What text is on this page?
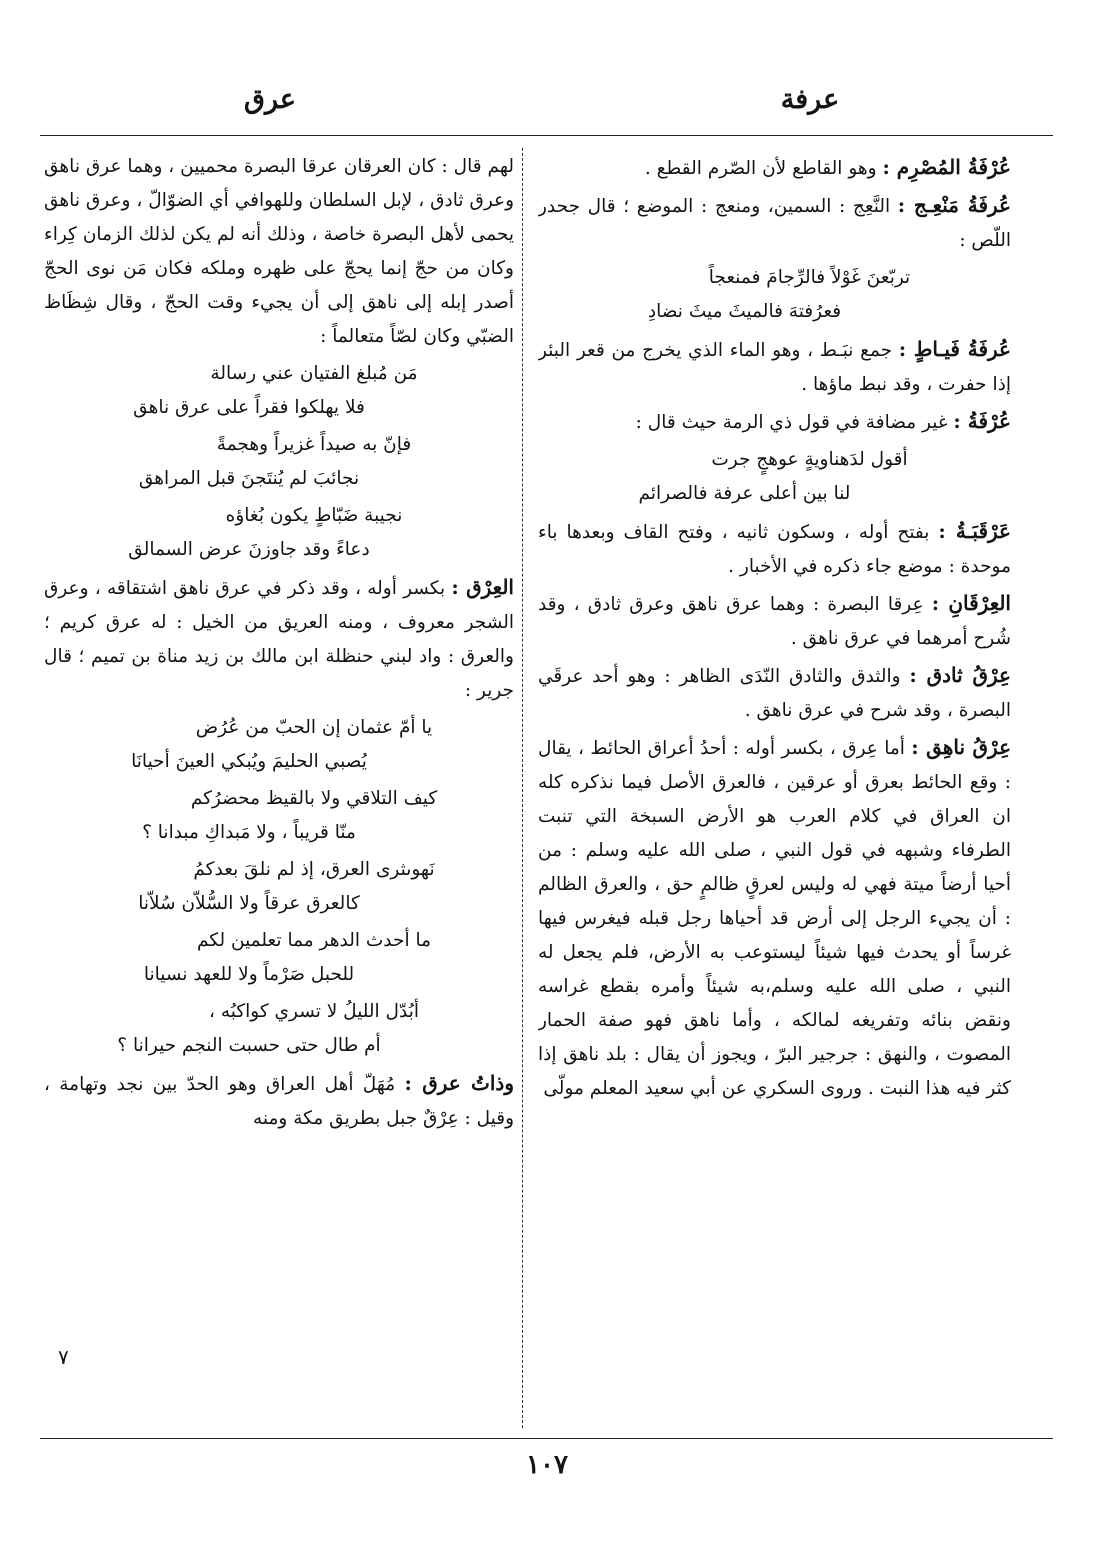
عرفة
عرق
عُرْفَةُ المُصْرِم : وهو القاطع لأن الصّرم القطع .
عُرفَةُ مَنْعِـج : النَّعِج : السمين، ومنعج : الموضع ؛ قال جحدر اللّص :
تربّعنَ غَوْلاً فالرِّجامَ فمنعجاً
فعرُفتهَ فالميثَ ميثَ نضادِ
عُرفَةُ فَيـاطٍ : جمع نبَـط ، وهو الماء الذي يخرج من قعر البئر إذا حفرت ، وقد نبط ماؤها .
عُرْفَةُ : غير مضافة في قول ذي الرمة حيث قال :
أقول لدَهناويةٍ عوهجٍ جرت
لنا بين أعلى عرفة فالصرائم
عَرْقَبَـةُ : بفتح أوله ، وسكون ثانيه ، وفتح القاف وبعدها باء موحدة : موضع جاء ذكره في الأخبار .
العِرْقَانِ : عِرقا البصرة : وهما عرق ناهق وعرق ثادق ، وقد شُرح أمرهما في عرق ناهق .
عِرْقُ ثادق : والثدق والثادق النّدَى الظاهر : وهو أحد عرقَي البصرة ، وقد شرح في عرق ناهق .
عِرْقُ ناهِق : أما عِرق ، بكسر أوله : أحدُ أعراق الحائط ، يقال : وقع الحائط بعرق أو عرقين ، فالعرق الأصل فيما نذكره كله ان العراق في كلام العرب هو الأرض السبخة التي تنبت الطرفاء وشبهه في قول النبي ، صلى الله عليه وسلم : من أحيا أرضاً ميتة فهي له وليس لعرقٍ ظالمٍ حق ، والعرق الظالم : أن يجيء الرجل إلى أرض قد أحياها رجل قبله فيغرس فيها غرساً أو يحدث فيها شيئاً ليستوعب به الأرض، فلم يجعل له النبي ، صلى الله عليه وسلم،به شيئاً وأمره بقطع غراسه ونقض بنائه وتفريغه لمالكه ، وأما ناهق فهو صفة الحمار المصوت ، والنهق : جرجير البرّ ، ويجوز أن يقال : بلد ناهق إذا كثر فيه هذا النبت . وروى السكري عن أبي سعيد المعلم مولّى
لهم قال : كان العرقان عرقا البصرة محميين ، وهما عرق ناهق وعرق ثادق ، لإبل السلطان وللهوافي أي الضوّالّ ، وعرق ناهق يحمى لأهل البصرة خاصة ، وذلك أنه لم يكن لذلك الزمان كِراء وكان من حجّ إنما يحجّ على ظهره وملكه فكان مَن نوى الحجّ أصدر إبله إلى ناهق إلى أن يجيء وقت الحجّ ، وقال شِظَاظ الضبّي وكان لصّاً متعالماً :
مَن مُبلغ الفتيان عني رسالة
فلا يهلكوا فقراً على عرق ناهق
فإنّ به صيداً غزيراً وهجمةً
نجائبَ لم يُنتَجنَ قبل المراهق
نجيبة ضَبّاطٍ يكون بُغاؤه
دعاءً وقد جاوزنَ عرض السمالق
العِرْق : بكسر أوله ، وقد ذكر في عرق ناهق اشتقاقه ، وعرق الشجر معروف ، ومنه العريق من الخيل : له عرق كريم ؛ والعرق : واد لبني حنظلة ابن مالك بن زيد مناة بن تميم ؛ قال جرير :
يا أمّ عثمان إن الحبّ من عُرُض
يُصبي الحليمَ ويُبكي العينَ أحيانَا
كيف التلاقي ولا بالقيظ محضرُكم
منّا قريباً ، ولا مَبداكِ مبدانا ؟
نَهوىثرى العرق، إذ لم نلقَ بعدكمُ
كالعرق عرقاً ولا السُّلاّن سُلاّنا
ما أحدث الدهر مما تعلمين لكم
للحبل صَرْماً ولا للعهد نسيانا
أبُدّل الليلُ لا تسري كواكبُه ،
أم طال حتى حسبت النجم حيرانا ؟
وذاتُ عرق : مُهَلّ أهل العراق وهو الحدّ بين نجد وتهامة ، وقيل : عِرْقٌ جبل بطريق مكة ومنه
٧
١٠٧
